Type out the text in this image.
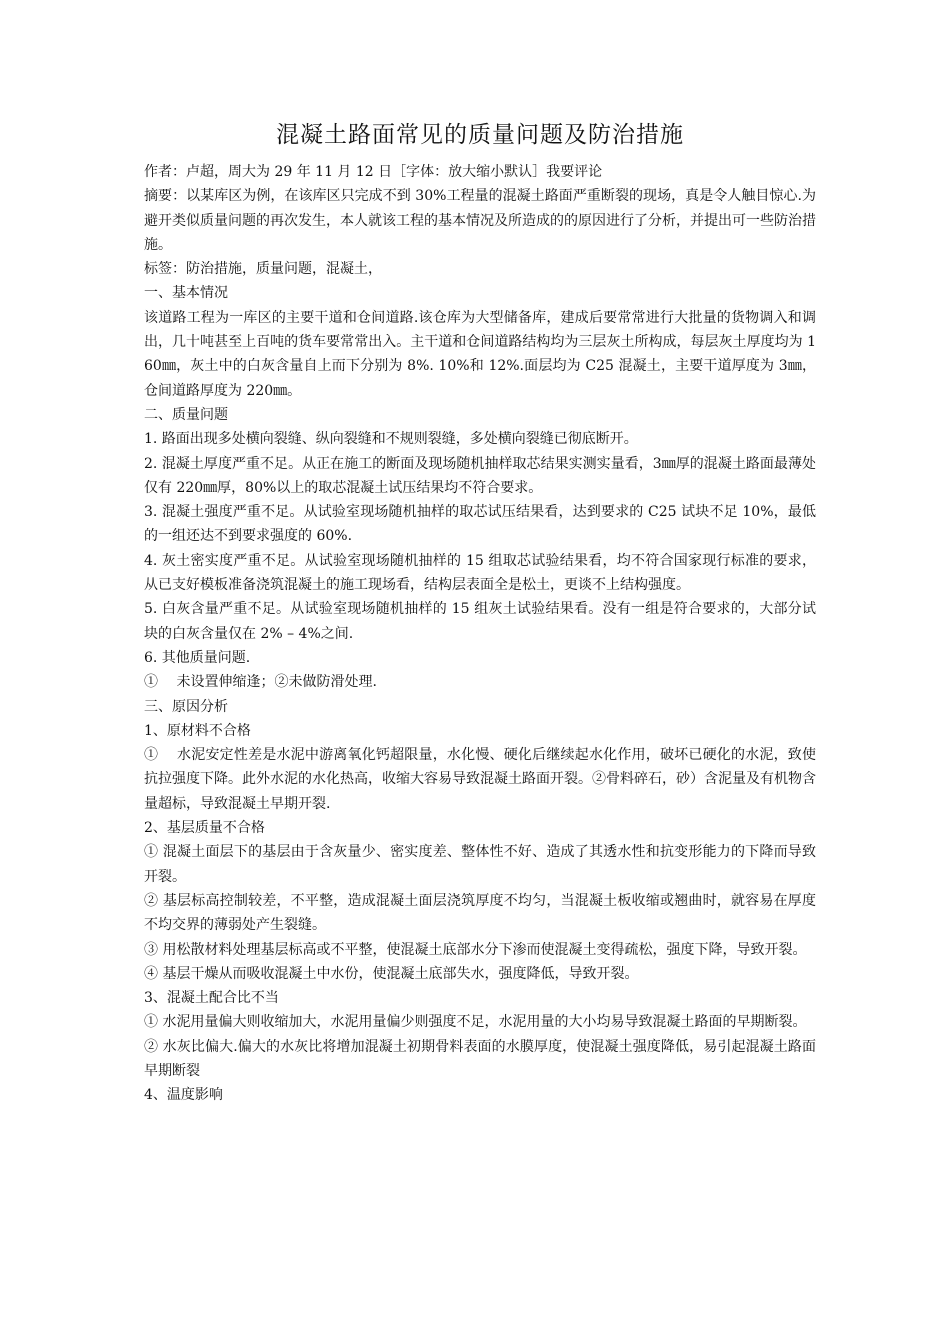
混凝土路面常见的质量问题及防治措施

作者：卢超，周大为 29 年 11 月 12 日［字体：放大缩小默认］我要评论

摘要：以某库区为例，在该库区只完成不到 30%工程量的混凝土路面严重断裂的现场，真是令人触目惊心.为避开类似质量问题的再次发生，本人就该工程的基本情况及所造成的的原因进行了分析，并提出可一些防治措施。

标签：防治措施，质量问题，混凝土，

一、基本情况

该道路工程为一库区的主要干道和仓间道路.该仓库为大型储备库，建成后要常常进行大批量的货物调入和调出，几十吨甚至上百吨的货车要常常出入。主干道和仓间道路结构均为三层灰土所构成，每层灰土厚度均为 160㎜，灰土中的白灰含量自上而下分别为 8%. 10%和 12%.面层均为 C25 混凝土，主要干道厚度为 3㎜，仓间道路厚度为 220㎜。

二、质量问题

1. 路面出现多处横向裂缝、纵向裂缝和不规则裂缝，多处横向裂缝已彻底断开。

2. 混凝土厚度严重不足。从正在施工的断面及现场随机抽样取芯结果实测实量看，3㎜厚的混凝土路面最薄处仅有 220㎜厚，80%以上的取芯混凝土试压结果均不符合要求。

3. 混凝土强度严重不足。从试验室现场随机抽样的取芯试压结果看，达到要求的 C25 试块不足 10%，最低的一组还达不到要求强度的 60%.

4. 灰土密实度严重不足。从试验室现场随机抽样的 15 组取芯试验结果看，均不符合国家现行标准的要求，从已支好模板准备浇筑混凝土的施工现场看，结构层表面全是松土，更谈不上结构强度。

5. 白灰含量严重不足。从试验室现场随机抽样的 15 组灰土试验结果看。没有一组是符合要求的，大部分试块的白灰含量仅在 2% – 4%之间.

6. 其他质量问题.

①　 未设置伸缩逢；②未做防滑处理.

三、原因分析

1、原材料不合格

①　 水泥安定性差是水泥中游离氧化钙超限量，水化慢、硬化后继续起水化作用，破坏已硬化的水泥，致使抗拉强度下降。此外水泥的水化热高，收缩大容易导致混凝土路面开裂。②骨料碎石，砂）含泥量及有机物含量超标，导致混凝土早期开裂.

2、基层质量不合格

① 混凝土面层下的基层由于含灰量少、密实度差、整体性不好、造成了其透水性和抗变形能力的下降而导致开裂。

② 基层标高控制较差，不平整，造成混凝土面层浇筑厚度不均匀，当混凝土板收缩或翘曲时，就容易在厚度不均交界的薄弱处产生裂缝。

③ 用松散材料处理基层标高或不平整，使混凝土底部水分下渗而使混凝土变得疏松，强度下降，导致开裂。

④ 基层干燥从而吸收混凝土中水份，使混凝土底部失水，强度降低，导致开裂。

3、混凝土配合比不当

① 水泥用量偏大则收缩加大，水泥用量偏少则强度不足，水泥用量的大小均易导致混凝土路面的早期断裂。

② 水灰比偏大.偏大的水灰比将增加混凝土初期骨料表面的水膜厚度，使混凝土强度降低，易引起混凝土路面早期断裂

4、温度影响
